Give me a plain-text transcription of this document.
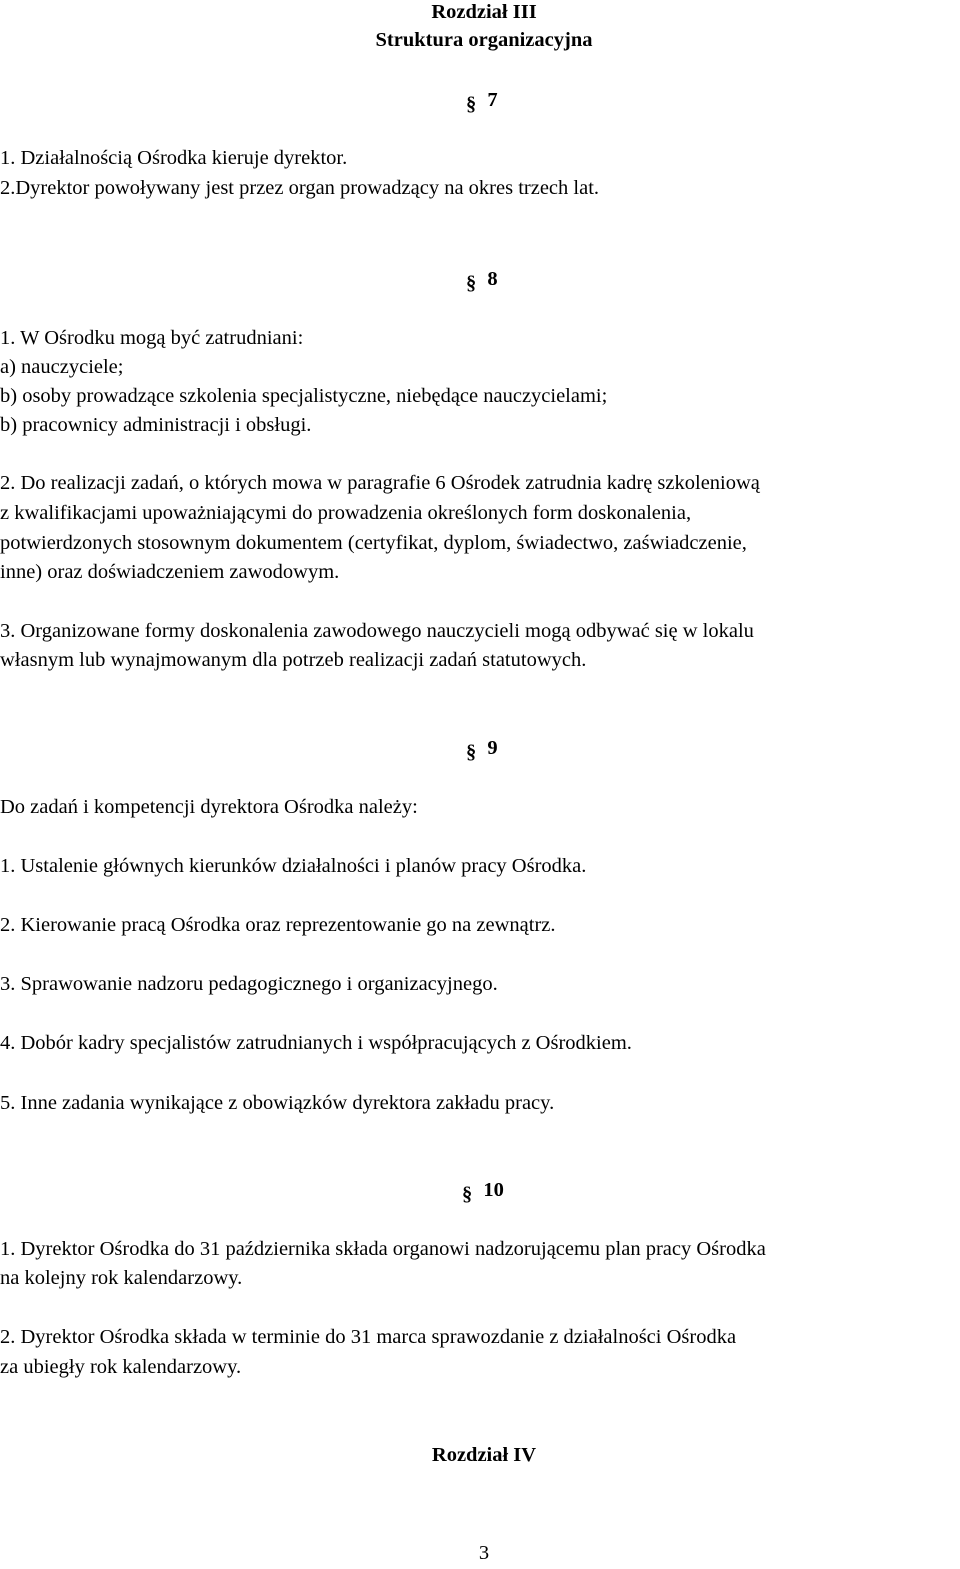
Rozdział III
Struktura organizacyjna
§ 7
1. Działalnością Ośrodka kieruje dyrektor.
2.Dyrektor powoływany jest przez organ prowadzący na okres trzech lat.
§ 8
1. W Ośrodku mogą być zatrudniani:
a) nauczyciele;
b) osoby prowadzące szkolenia specjalistyczne, niebędące nauczycielami;
b) pracownicy administracji i obsługi.
2. Do realizacji zadań, o których mowa w paragrafie 6 Ośrodek zatrudnia kadrę szkoleniową
z kwalifikacjami upoważniającymi do prowadzenia określonych form doskonalenia,
potwierdzonych stosownym dokumentem (certyfikat, dyplom, świadectwo, zaświadczenie,
inne) oraz doświadczeniem zawodowym.
3. Organizowane formy doskonalenia zawodowego nauczycieli mogą odbywać się w lokalu
własnym lub wynajmowanym dla potrzeb realizacji zadań statutowych.
§ 9
Do zadań i kompetencji dyrektora Ośrodka należy:
1. Ustalenie głównych kierunków działalności i planów pracy Ośrodka.
2. Kierowanie pracą Ośrodka oraz reprezentowanie go na zewnątrz.
3. Sprawowanie nadzoru pedagogicznego i organizacyjnego.
4. Dobór kadry specjalistów zatrudnianych i współpracujących z Ośrodkiem.
5. Inne zadania wynikające z obowiązków dyrektora zakładu pracy.
§ 10
1. Dyrektor Ośrodka do 31 października składa organowi nadzorującemu plan pracy Ośrodka
na kolejny rok kalendarzowy.
2. Dyrektor Ośrodka składa w terminie do 31 marca sprawozdanie z działalności Ośrodka
za ubiegły rok kalendarzowy.
Rozdział IV
3
